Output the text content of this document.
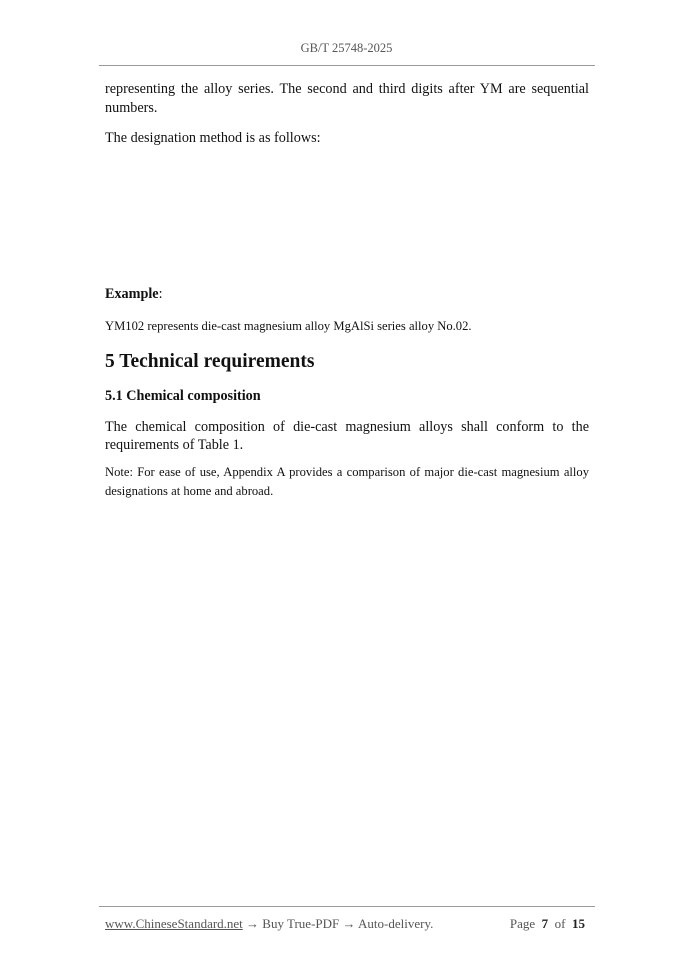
GB/T 25748-2025

representing the alloy series. The second and third digits after YM are sequential numbers.

The designation method is as follows:

Example:

YM102 represents die-cast magnesium alloy MgAlSi series alloy No.02.

5 Technical requirements

5.1 Chemical composition

The chemical composition of die-cast magnesium alloys shall conform to the requirements of Table 1.

Note: For ease of use, Appendix A provides a comparison of major die-cast magnesium alloy designations at home and abroad.

www.ChineseStandard.net → Buy True-PDF → Auto-delivery.	Page 7 of 15
